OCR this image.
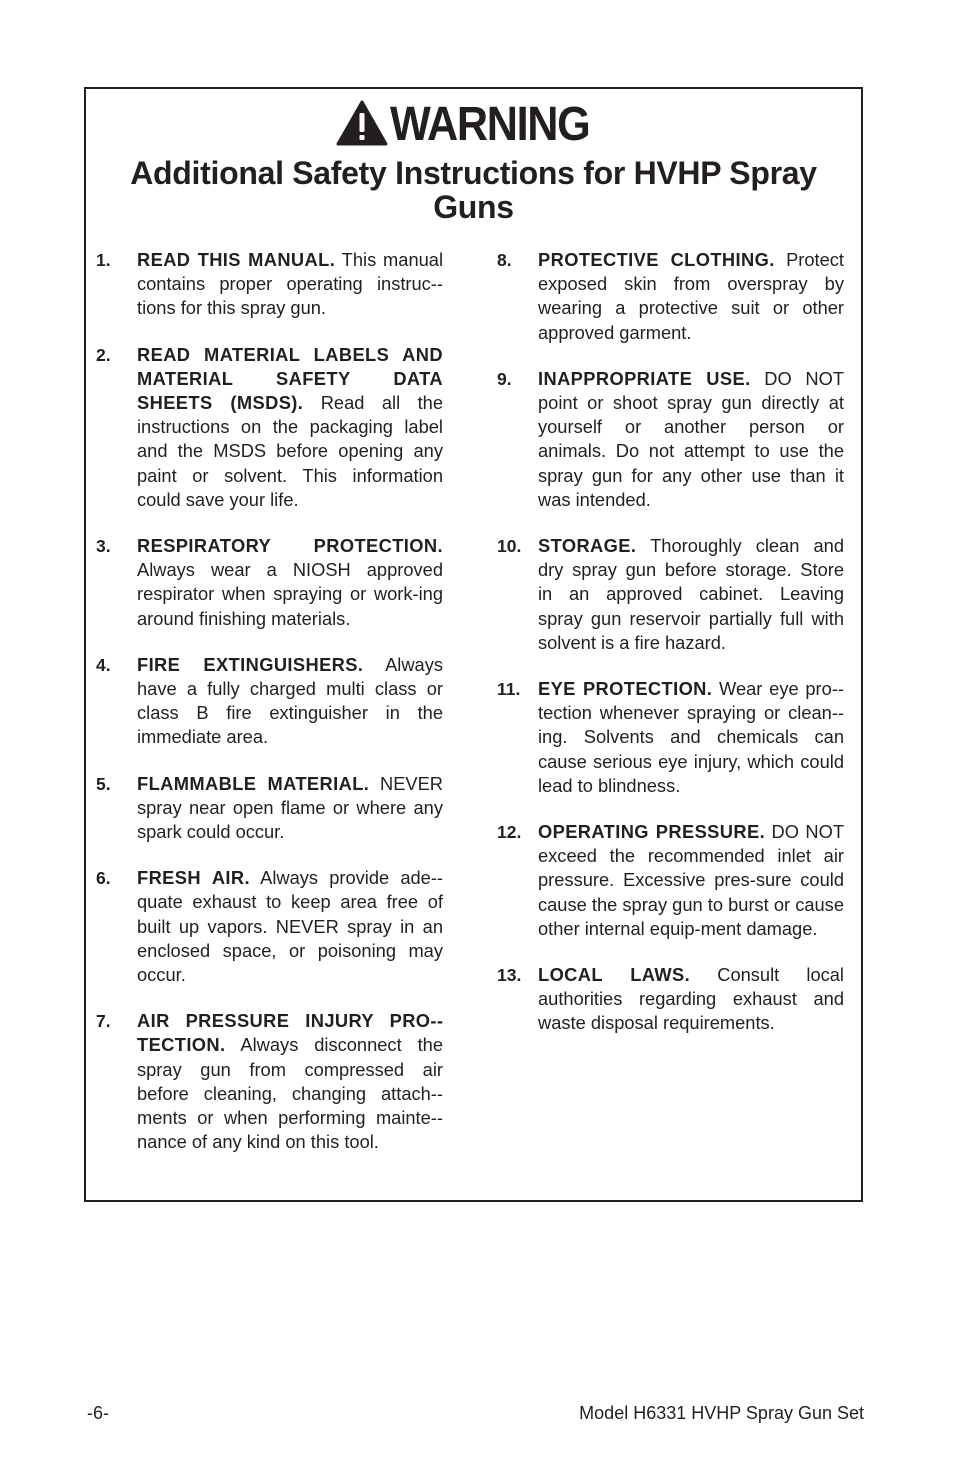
WARNING
Additional Safety Instructions for HVHP Spray Guns
1.	READ THIS MANUAL. This manual contains proper operating instruc-tions for this spray gun.
2.	READ MATERIAL LABELS AND MATERIAL SAFETY DATA SHEETS (MSDS). Read all the instructions on the packaging label and the MSDS before opening any paint or solvent. This information could save your life.
3.	RESPIRATORY PROTECTION. Always wear a NIOSH approved respirator when spraying or work-ing around finishing materials.
4.	FIRE EXTINGUISHERS. Always have a fully charged multi class or class B fire extinguisher in the immediate area.
5.	FLAMMABLE MATERIAL. NEVER spray near open flame or where any spark could occur.
6.	FRESH AIR. Always provide ade-quate exhaust to keep area free of built up vapors. NEVER spray in an enclosed space, or poisoning may occur.
7.	AIR PRESSURE INJURY PRO-TECTION. Always disconnect the spray gun from compressed air before cleaning, changing attach-ments or when performing mainte-nance of any kind on this tool.
8.	PROTECTIVE CLOTHING. Protect exposed skin from overspray by wearing a protective suit or other approved garment.
9.	INAPPROPRIATE USE. DO NOT point or shoot spray gun directly at yourself or another person or animals. Do not attempt to use the spray gun for any other use than it was intended.
10. STORAGE. Thoroughly clean and dry spray gun before storage. Store in an approved cabinet. Leaving spray gun reservoir partially full with solvent is a fire hazard.
11. EYE PROTECTION. Wear eye pro-tection whenever spraying or clean-ing. Solvents and chemicals can cause serious eye injury, which could lead to blindness.
12. OPERATING PRESSURE. DO NOT exceed the recommended inlet air pressure. Excessive pres-sure could cause the spray gun to burst or cause other internal equip-ment damage.
13. LOCAL LAWS. Consult local authorities regarding exhaust and waste disposal requirements.
-6-	Model H6331 HVHP Spray Gun Set
